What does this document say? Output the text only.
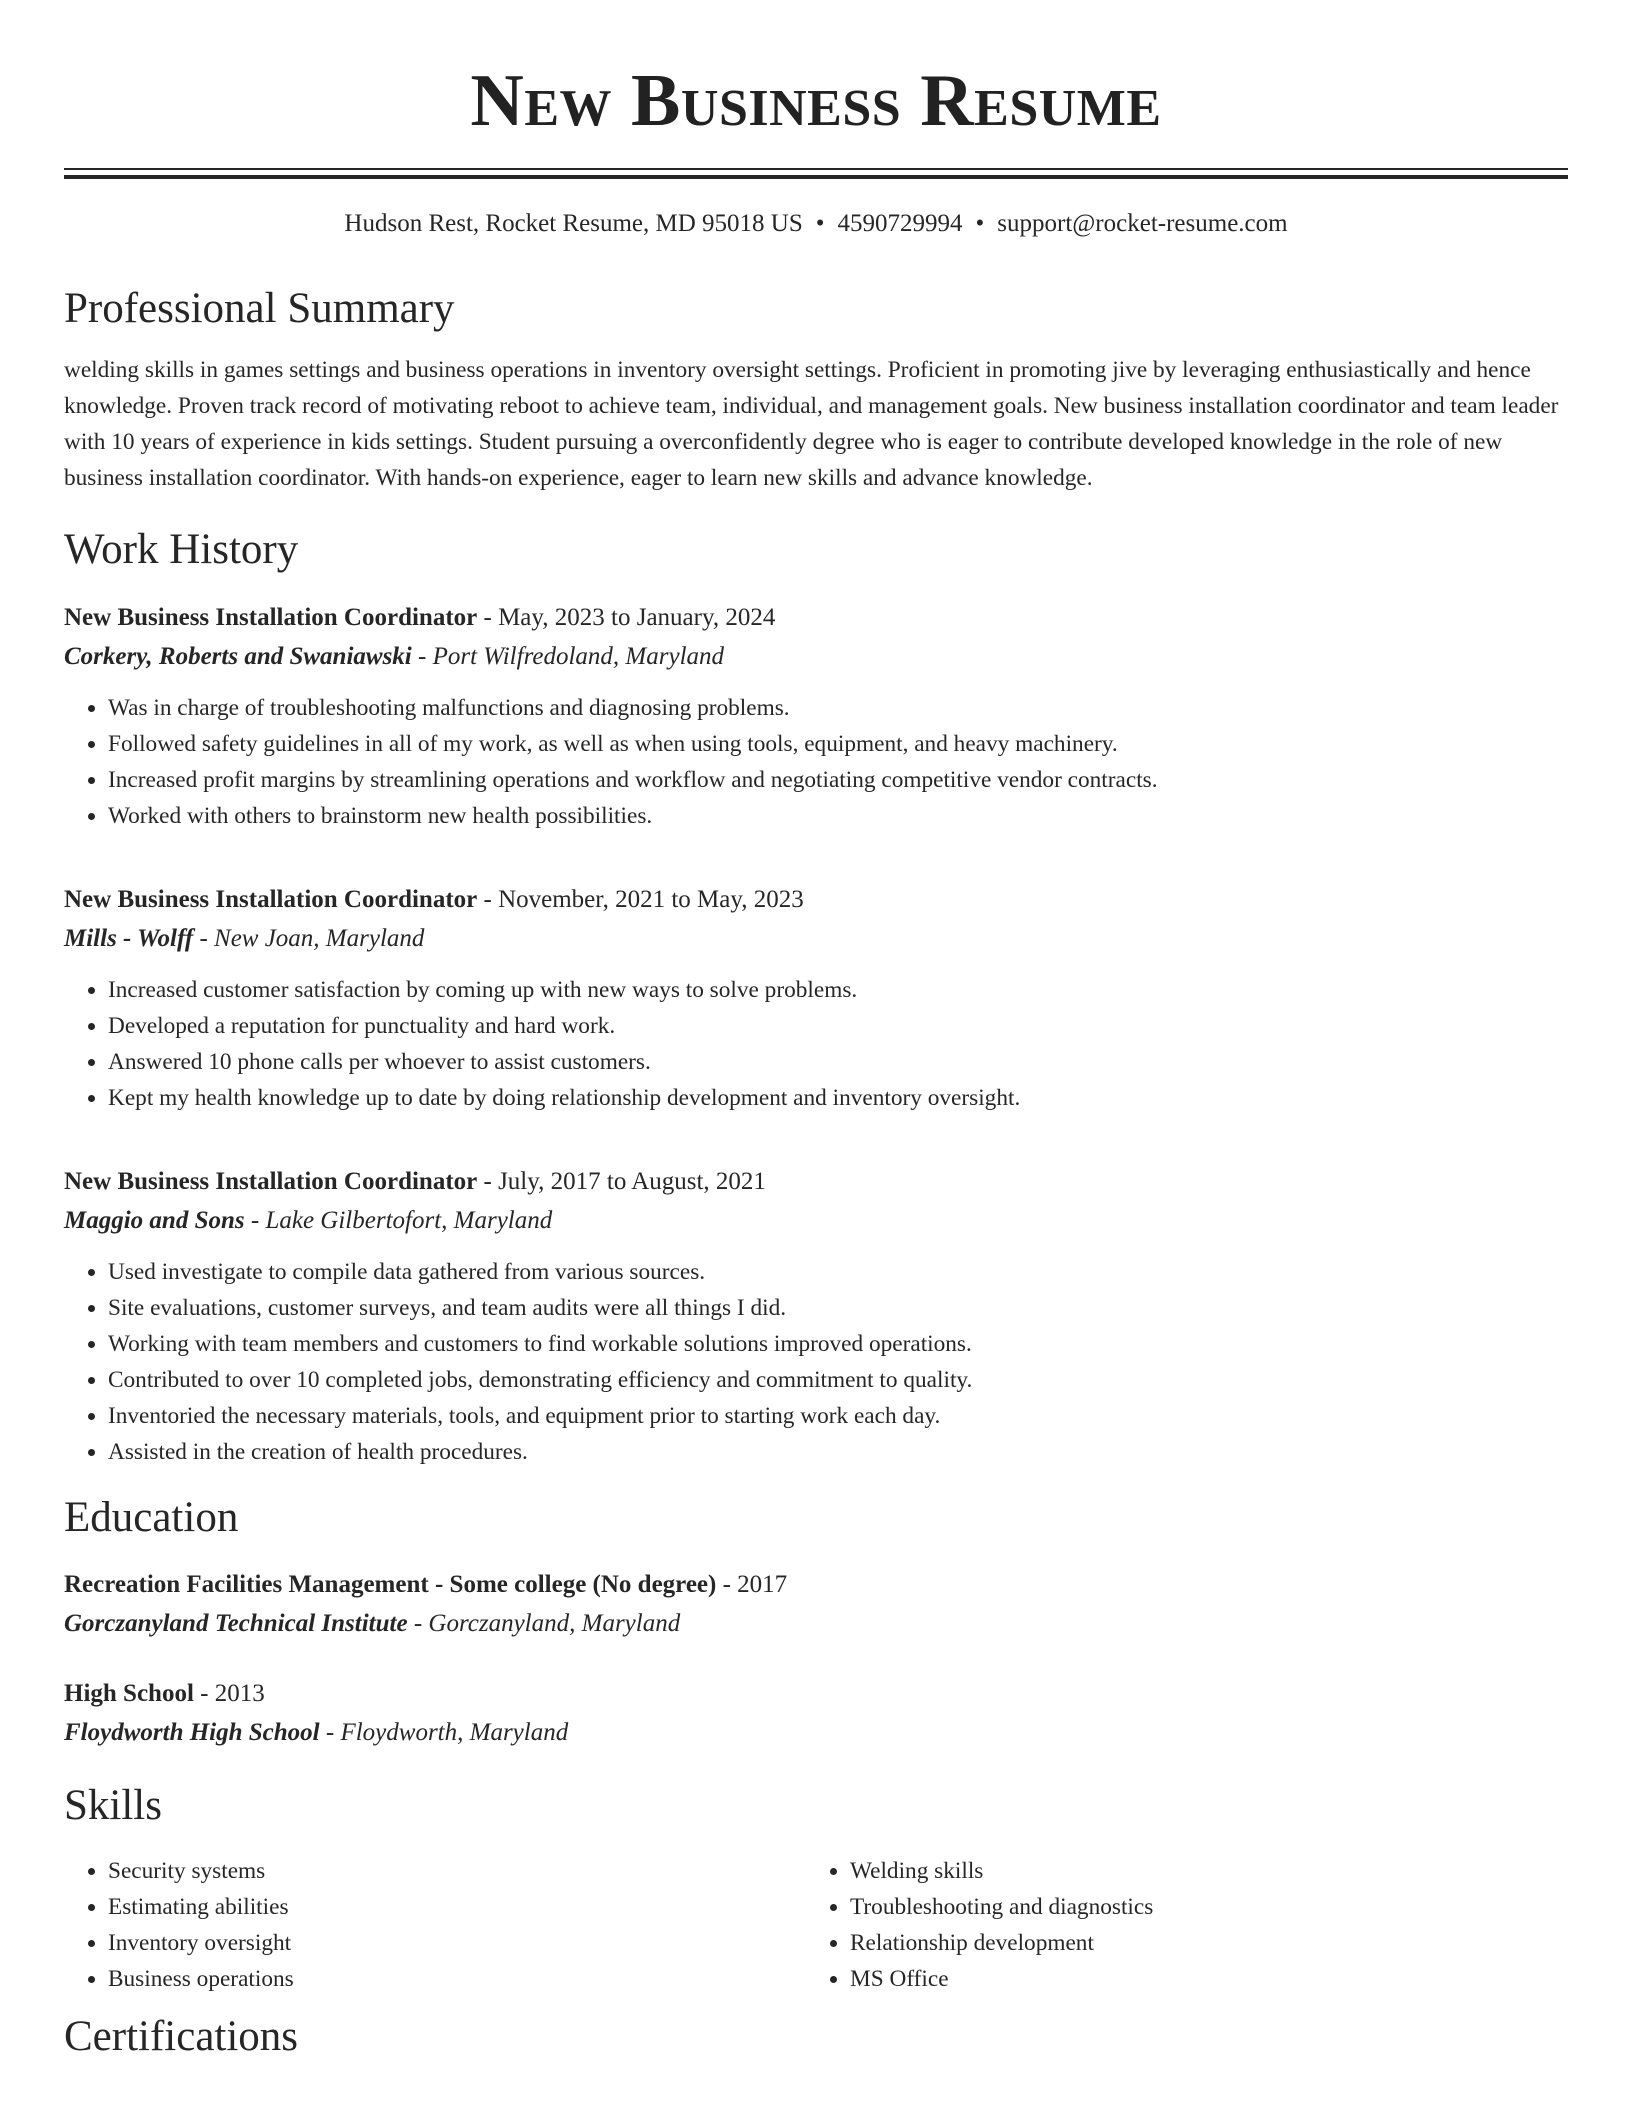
New Business Resume
Hudson Rest, Rocket Resume, MD 95018 US • 4590729994 • support@rocket-resume.com
Professional Summary

welding skills in games settings and business operations in inventory oversight settings. Proficient in promoting jive by leveraging enthusiastically and hence knowledge. Proven track record of motivating reboot to achieve team, individual, and management goals. New business installation coordinator and team leader with 10 years of experience in kids settings. Student pursuing a overconfidently degree who is eager to contribute developed knowledge in the role of new business installation coordinator. With hands-on experience, eager to learn new skills and advance knowledge.

Work History
New Business Installation Coordinator - May, 2023 to January, 2024
Corkery, Roberts and Swaniawski - Port Wilfredoland, Maryland
• Was in charge of troubleshooting malfunctions and diagnosing problems.
• Followed safety guidelines in all of my work, as well as when using tools, equipment, and heavy machinery.
• Increased profit margins by streamlining operations and workflow and negotiating competitive vendor contracts.
• Worked with others to brainstorm new health possibilities.
New Business Installation Coordinator - November, 2021 to May, 2023
Mills - Wolff - New Joan, Maryland
• Increased customer satisfaction by coming up with new ways to solve problems.
• Developed a reputation for punctuality and hard work.
• Answered 10 phone calls per whoever to assist customers.
• Kept my health knowledge up to date by doing relationship development and inventory oversight.
New Business Installation Coordinator - July, 2017 to August, 2021
Maggio and Sons - Lake Gilbertofort, Maryland
• Used investigate to compile data gathered from various sources.
• Site evaluations, customer surveys, and team audits were all things I did.
• Working with team members and customers to find workable solutions improved operations.
• Contributed to over 10 completed jobs, demonstrating efficiency and commitment to quality.
• Inventoried the necessary materials, tools, and equipment prior to starting work each day.
• Assisted in the creation of health procedures.
Education
Recreation Facilities Management - Some college (No degree) - 2017
Gorczanyland Technical Institute - Gorczanyland, Maryland
High School - 2013
Floydworth High School - Floydworth, Maryland
Skills
• Security systems
• Estimating abilities
• Inventory oversight
• Business operations
• Welding skills
• Troubleshooting and diagnostics
• Relationship development
• MS Office
Certifications
